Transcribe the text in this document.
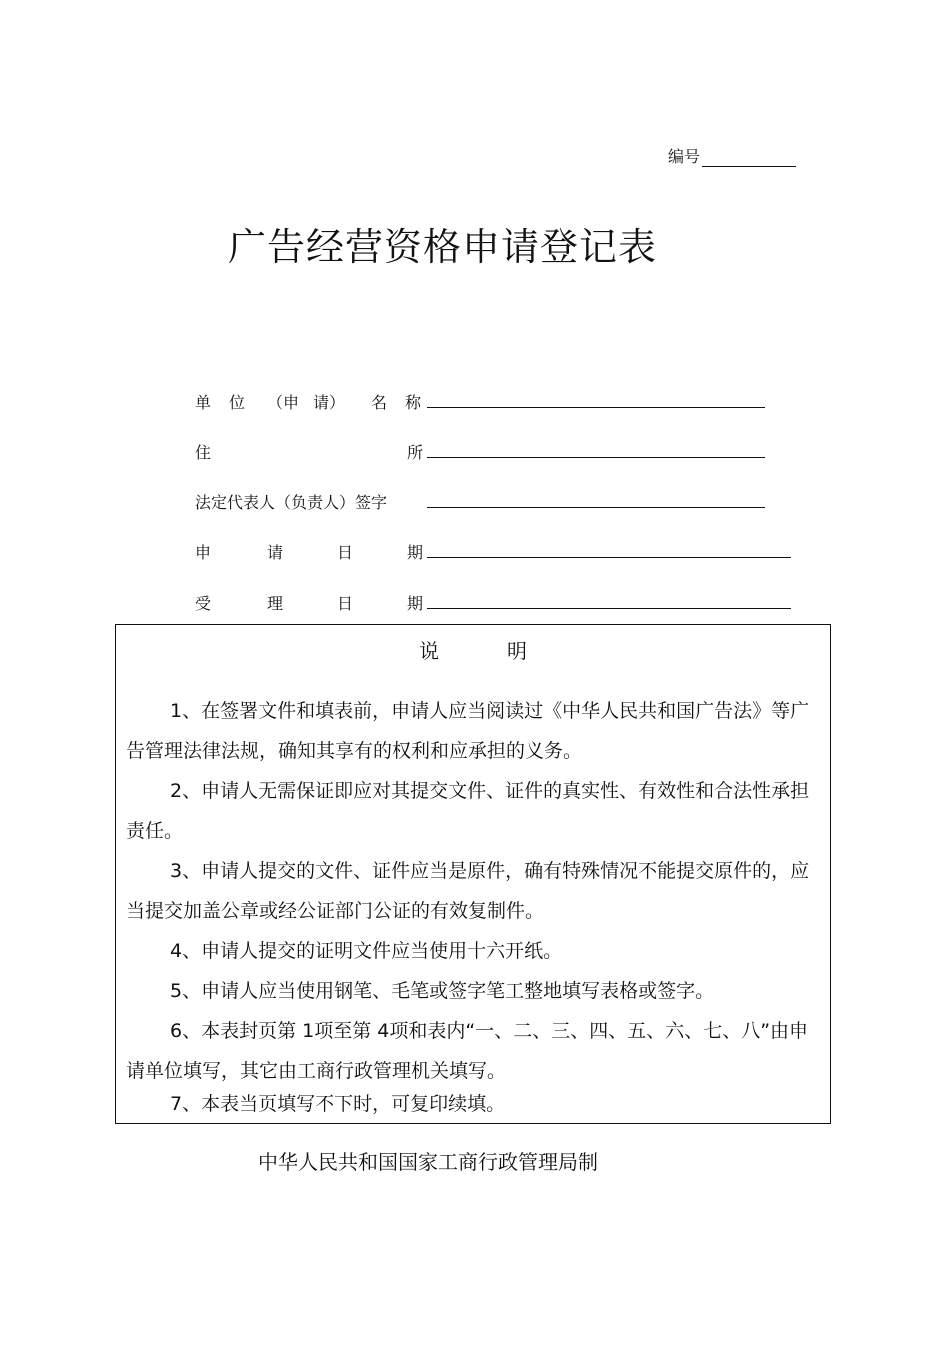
编号
广告经营资格申请登记表
单 位 （申 请） 名 称
住	所
法定代表人（负责人）签字
申	请	日	期
受	理	日	期
说	明
1、在签署文件和填表前，申请人应当阅读过《中华人民共和国广告法》等广告管理法律法规，确知其享有的权利和应承担的义务。
2、申请人无需保证即应对其提交文件、证件的真实性、有效性和合法性承担责任。
3、申请人提交的文件、证件应当是原件，确有特殊情况不能提交原件的，应当提交加盖公章或经公证部门公证的有效复制件。
4、申请人提交的证明文件应当使用十六开纸。
5、申请人应当使用钢笔、毛笔或签字笔工整地填写表格或签字。
6、本表封页第 1项至第 4项和表内“一、二、三、四、五、六、七、八”由申请单位填写，其它由工商行政管理机关填写。
7、本表当页填写不下时，可复印续填。
中华人民共和国国家工商行政管理局制
